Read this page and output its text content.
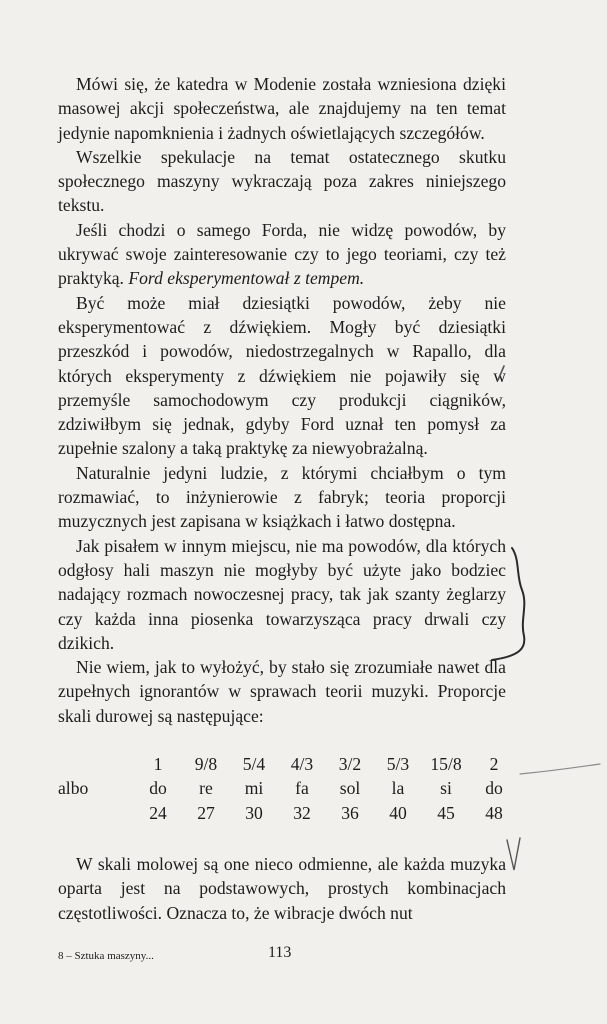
Mówi się, że katedra w Modenie została wzniesiona dzięki masowej akcji społeczeństwa, ale znajdujemy na ten temat jedynie napomknienia i żadnych oświetlających szczegółów.

Wszelkie spekulacje na temat ostatecznego skutku społecznego maszyny wykraczają poza zakres niniejszego tekstu.

Jeśli chodzi o samego Forda, nie widzę powodów, by ukrywać swoje zainteresowanie czy to jego teoriami, czy też praktyką. Ford eksperymentował z tempem.

Być może miał dziesiątki powodów, żeby nie eksperymentować z dźwiękiem. Mogły być dziesiątki przeszkód i powodów, niedostrzegalnych w Rapallo, dla których eksperymenty z dźwiękiem nie pojawiły się w przemyśle samochodowym czy produkcji ciągników, zdziwiłbym się jednak, gdyby Ford uznał ten pomysł za zupełnie szalony a taką praktykę za niewyobrażalną.

Naturalnie jedyni ludzie, z którymi chciałbym o tym rozmawiać, to inżynierowie z fabryk; teoria proporcji muzycznych jest zapisana w książkach i łatwo dostępna.

Jak pisałem w innym miejscu, nie ma powodów, dla których odgłosy hali maszyn nie mogłyby być użyte jako bodziec nadający rozmach nowoczesnej pracy, tak jak szanty żeglarzy czy każda inna piosenka towarzysząca pracy drwali czy dzikich.

Nie wiem, jak to wyłożyć, by stało się zrozumiałe nawet dla zupełnych ignorantów w sprawach teorii muzyki. Proporcje skali durowej są następujące:

	1	9/8	5/4	4/3	3/2	5/3	15/8	2
albo	do	re	mi	fa	sol	la	si	do
	24	27	30	32	36	40	45	48

W skali molowej są one nieco odmienne, ale każda muzyka oparta jest na podstawowych, prostych kombinacjach częstotliwości. Oznacza to, że wibracje dwóch nut

8 – Sztuka maszyny...	113
